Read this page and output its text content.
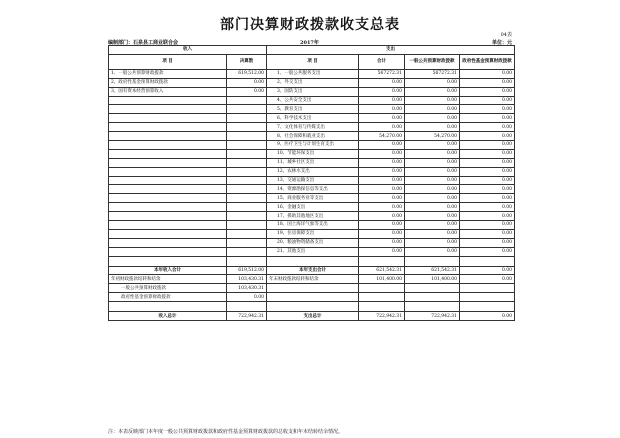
部门决算财政拨款收支总表
04表
编制部门：石泉县工商业联合会	2017年	单位：元
收入		支出			
项 目	决算数	项 目	合计	一般公共预算财政拨款	政府性基金预算财政拨款
1、一般公共预算财政拨款	619,512.00	1、一般公共服务支出	567272.31	567272.31	0.00
2、政府性基金预算财政拨款	0.00	2、外交支出	0.00	0.00	0.00
3、国有资本经营预算收入	0.00	3、国防支出	0.00	0.00	0.00
		4、公共安全支出	0.00	0.00	0.00
		5、教育支出	0.00	0.00	0.00
		6、科学技术支出	0.00	0.00	0.00
		7、文化体育与传媒支出	0.00	0.00	0.00
		8、社会保障和就业支出	54,270.00	54,270.00	0.00
		9、医疗卫生与计划生育支出	0.00	0.00	0.00
		10、节能环保支出	0.00	0.00	0.00
		11、城乡社区支出	0.00	0.00	0.00
		12、农林水支出	0.00	0.00	0.00
		13、交通运输支出	0.00	0.00	0.00
		14、资源勘探信息等支出	0.00	0.00	0.00
		15、商业服务业等支出	0.00	0.00	0.00
		16、金融支出	0.00	0.00	0.00
		17、援助其他地区支出	0.00	0.00	0.00
		18、国土海洋气象等支出	0.00	0.00	0.00
		19、住房保障支出	0.00	0.00	0.00
		20、粮油物资储备支出	0.00	0.00	0.00
		21、其他支出	0.00	0.00	0.00

本年收入合计	619,512.00	本年支出合计	621,542.31	621,542.31	0.00
年初财政拨款结转和结余	103,430.31	年末财政拨款结转和结余	101,400.00	101,400.00	0.00
一般公共预算财政拨款	103,430.31				
政府性基金预算财政拨款	0.00				

收入总计	722,942.31	支出总计	722,942.31	722,942.31	0.00
注：本表反映部门本年度一般公共预算财政拨款和政府性基金预算财政拨款的总收支和年末结转结余情况。
